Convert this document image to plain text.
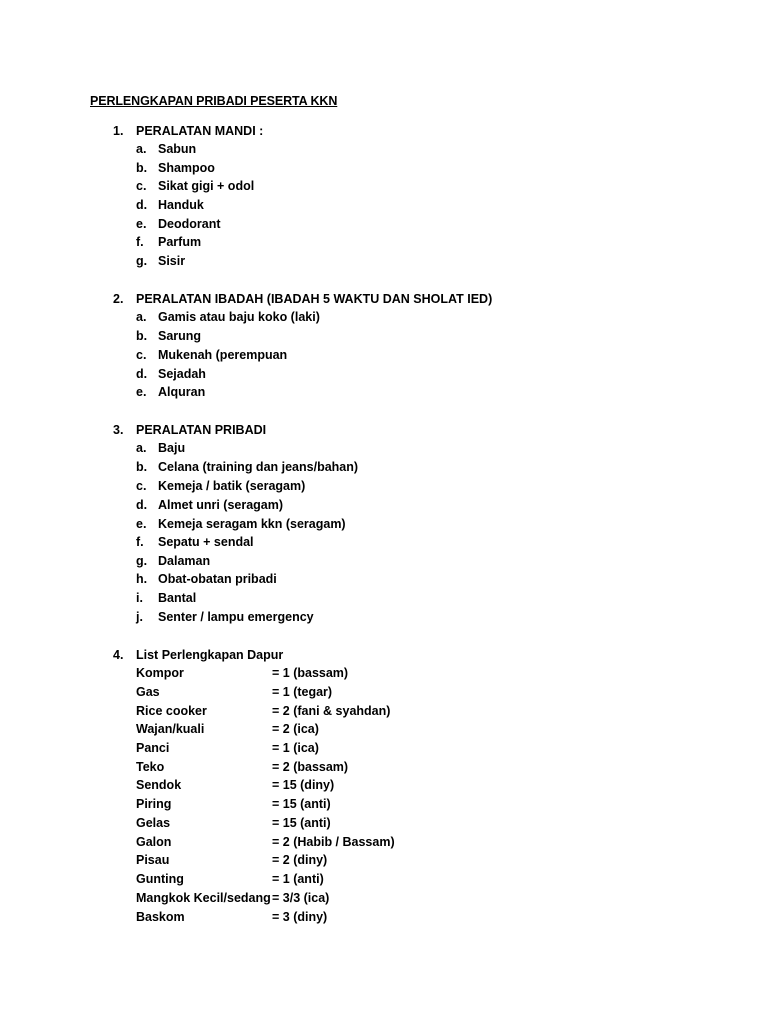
PERLENGKAPAN PRIBADI PESERTA KKN
1. PERALATAN MANDI :
a. Sabun
b. Shampoo
c. Sikat gigi + odol
d. Handuk
e. Deodorant
f. Parfum
g. Sisir
2. PERALATAN IBADAH (IBADAH 5 WAKTU DAN SHOLAT IED)
a. Gamis atau baju koko (laki)
b. Sarung
c. Mukenah (perempuan
d. Sejadah
e. Alquran
3. PERALATAN PRIBADI
a. Baju
b. Celana (training dan jeans/bahan)
c. Kemeja / batik (seragam)
d. Almet unri (seragam)
e. Kemeja seragam kkn (seragam)
f. Sepatu + sendal
g. Dalaman
h. Obat-obatan pribadi
i. Bantal
j. Senter / lampu emergency
4. List Perlengkapan Dapur
Kompor	= 1 (bassam)
Gas	= 1 (tegar)
Rice cooker	= 2 (fani & syahdan)
Wajan/kuali	= 2 (ica)
Panci	= 1 (ica)
Teko	= 2 (bassam)
Sendok	= 15 (diny)
Piring	= 15 (anti)
Gelas	= 15 (anti)
Galon	= 2 (Habib / Bassam)
Pisau	= 2 (diny)
Gunting	= 1 (anti)
Mangkok Kecil/sedang = 3/3 (ica)
Baskom	= 3 (diny)
